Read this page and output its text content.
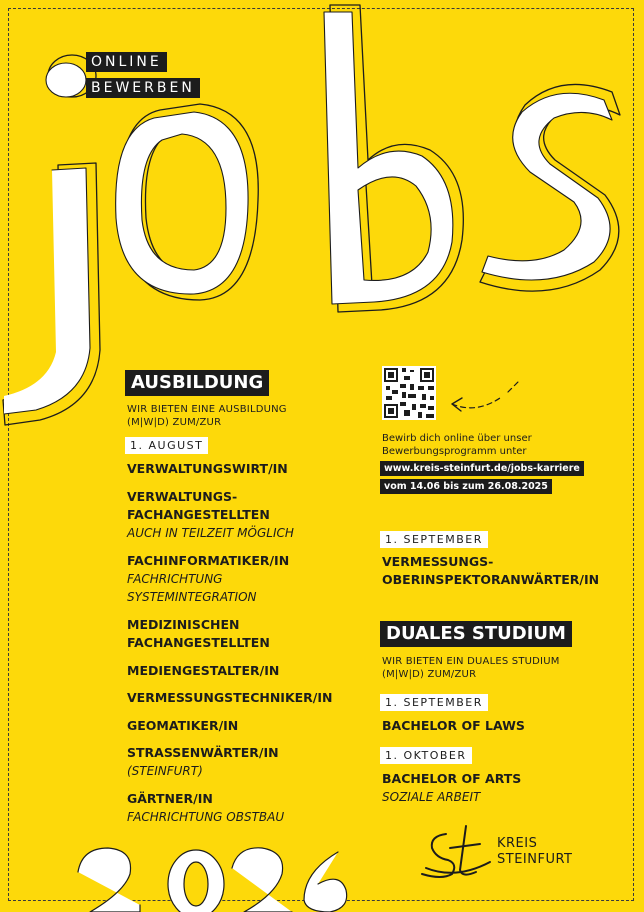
ONLINE
BEWERBEN
AUSBILDUNG
WIR BIETEN EINE AUSBILDUNG
(M|W|D) ZUM/ZUR
1. AUGUST
VERWALTUNGSWIRT/IN
VERWALTUNGS-
FACHANGESTELLTEN
AUCH IN TEILZEIT MÖGLICH
FACHINFORMATIKER/IN
FACHRICHTUNG
SYSTEMINTEGRATION
MEDIZINISCHEN
FACHANGESTELLTEN
MEDIENGESTALTER/IN
VERMESSUNGSTECHNIKER/IN
GEOMATIKER/IN
STRASSENWÄRTER/IN
(STEINFURT)
GÄRTNER/IN
FACHRICHTUNG OBSTBAU
Bewirb dich online über unser
Bewerbungsprogramm unter
www.kreis-steinfurt.de/jobs-karriere
vom 14.06 bis zum 26.08.2025
1. SEPTEMBER
VERMESSUNGS-
OBERINSPEKTORANWÄRTER/IN
DUALES STUDIUM
WIR BIETEN EIN DUALES STUDIUM
(M|W|D) ZUM/ZUR
1. SEPTEMBER
BACHELOR OF LAWS
1. OKTOBER
BACHELOR OF ARTS
SOZIALE ARBEIT
KREIS
STEINFURT
